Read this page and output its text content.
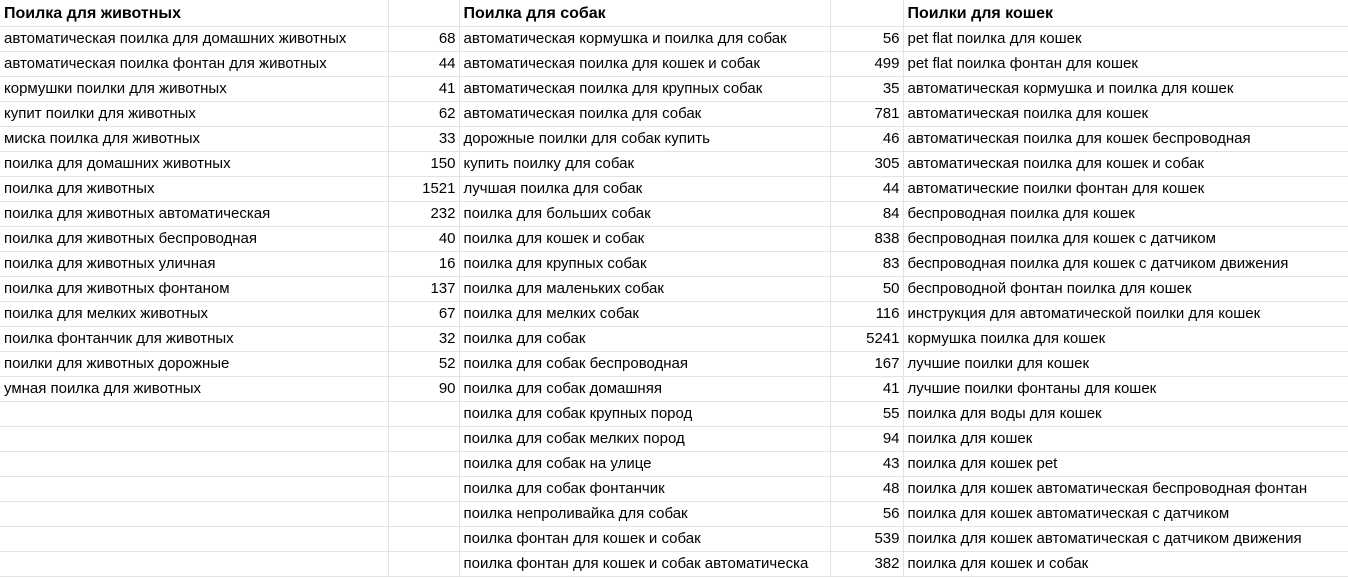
Поилка для животных		Поилка для собак		Поилки для кошек
автоматическая поилка для домашних животных	68	автоматическая кормушка и поилка для собак	56	pet flat поилка для кошек
автоматическая поилка фонтан для животных	44	автоматическая поилка для кошек и собак	499	pet flat поилка фонтан для кошек
кормушки поилки для животных	41	автоматическая поилка для крупных собак	35	автоматическая кормушка и поилка для кошек
купит поилки для животных	62	автоматическая поилка для собак	781	автоматическая поилка для кошек
миска поилка для животных	33	дорожные поилки для собак купить	46	автоматическая поилка для кошек беспроводная
поилка для домашних животных	150	купить поилку для собак	305	автоматическая поилка для кошек и собак
поилка для животных	1521	лучшая поилка для собак	44	автоматические поилки фонтан для кошек
поилка для животных автоматическая	232	поилка для больших собак	84	беспроводная поилка для кошек
поилка для животных беспроводная	40	поилка для кошек и собак	838	беспроводная поилка для кошек с датчиком
поилка для животных уличная	16	поилка для крупных собак	83	беспроводная поилка для кошек с датчиком движения
поилка для животных фонтаном	137	поилка для маленьких собак	50	беспроводной фонтан поилка для кошек
поилка для мелких животных	67	поилка для мелких собак	116	инструкция для автоматической поилки для кошек
поилка фонтанчик для животных	32	поилка для собак	5241	кормушка поилка для кошек
поилки для животных дорожные	52	поилка для собак беспроводная	167	лучшие поилки для кошек
умная поилка для животных	90	поилка для собак домашняя	41	лучшие поилки фонтаны для кошек
		поилка для собак крупных пород	55	поилка для воды для кошек
		поилка для собак мелких пород	94	поилка для кошек
		поилка для собак на улице	43	поилка для кошек pet
		поилка для собак фонтанчик	48	поилка для кошек автоматическая беспроводная фонтан
		поилка непроливайка для собак	56	поилка для кошек автоматическая с датчиком
		поилка фонтан для кошек и собак	539	поилка для кошек автоматическая с датчиком движения
		поилка фонтан для кошек и собак автоматическа	382	поилка для кошек и собак
